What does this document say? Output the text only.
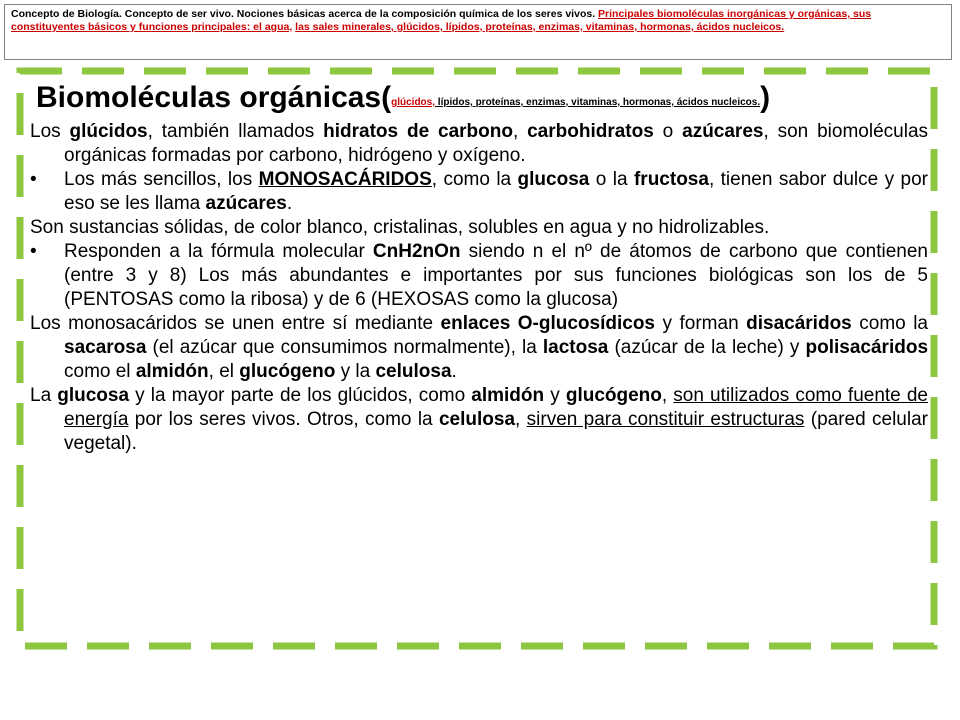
Concepto de Biología. Concepto de ser vivo. Nociones básicas acerca de la composición química de los seres vivos. Principales biomoléculas inorgánicas y orgánicas, sus constituyentes básicos y funciones principales: el agua, las sales minerales, glúcidos, lípidos, proteínas, enzimas, vitaminas, hormonas, ácidos nucleicos.
Biomoléculas orgánicas(glúcidos, lípidos, proteínas, enzimas, vitaminas, hormonas, ácidos nucleicos.)

Los glúcidos, también llamados hidratos de carbono, carbohidratos o azúcares, son biomoléculas orgánicas formadas por carbono, hidrógeno y oxígeno.

• Los más sencillos, los MONOSACÁRIDOS, como la glucosa o la fructosa, tienen sabor dulce y por eso se les llama azúcares.

Son sustancias sólidas, de color blanco, cristalinas, solubles en agua y no hidrolizables.

• Responden a la fórmula molecular CnH2nOn siendo n el nº de átomos de carbono que contienen (entre 3 y 8) Los más abundantes e importantes por sus funciones biológicas son los de 5 (PENTOSAS como la ribosa) y de 6 (HEXOSAS como la glucosa)

Los monosacáridos se unen entre sí mediante enlaces O-glucosídicos y forman disacáridos como la sacarosa (el azúcar que consumimos normalmente), la lactosa (azúcar de la leche) y polisacáridos como el almidón, el glucógeno y la celulosa.

La glucosa y la mayor parte de los glúcidos, como almidón y glucógeno, son utilizados como fuente de energía por los seres vivos. Otros, como la celulosa, sirven para constituir estructuras (pared celular vegetal).
